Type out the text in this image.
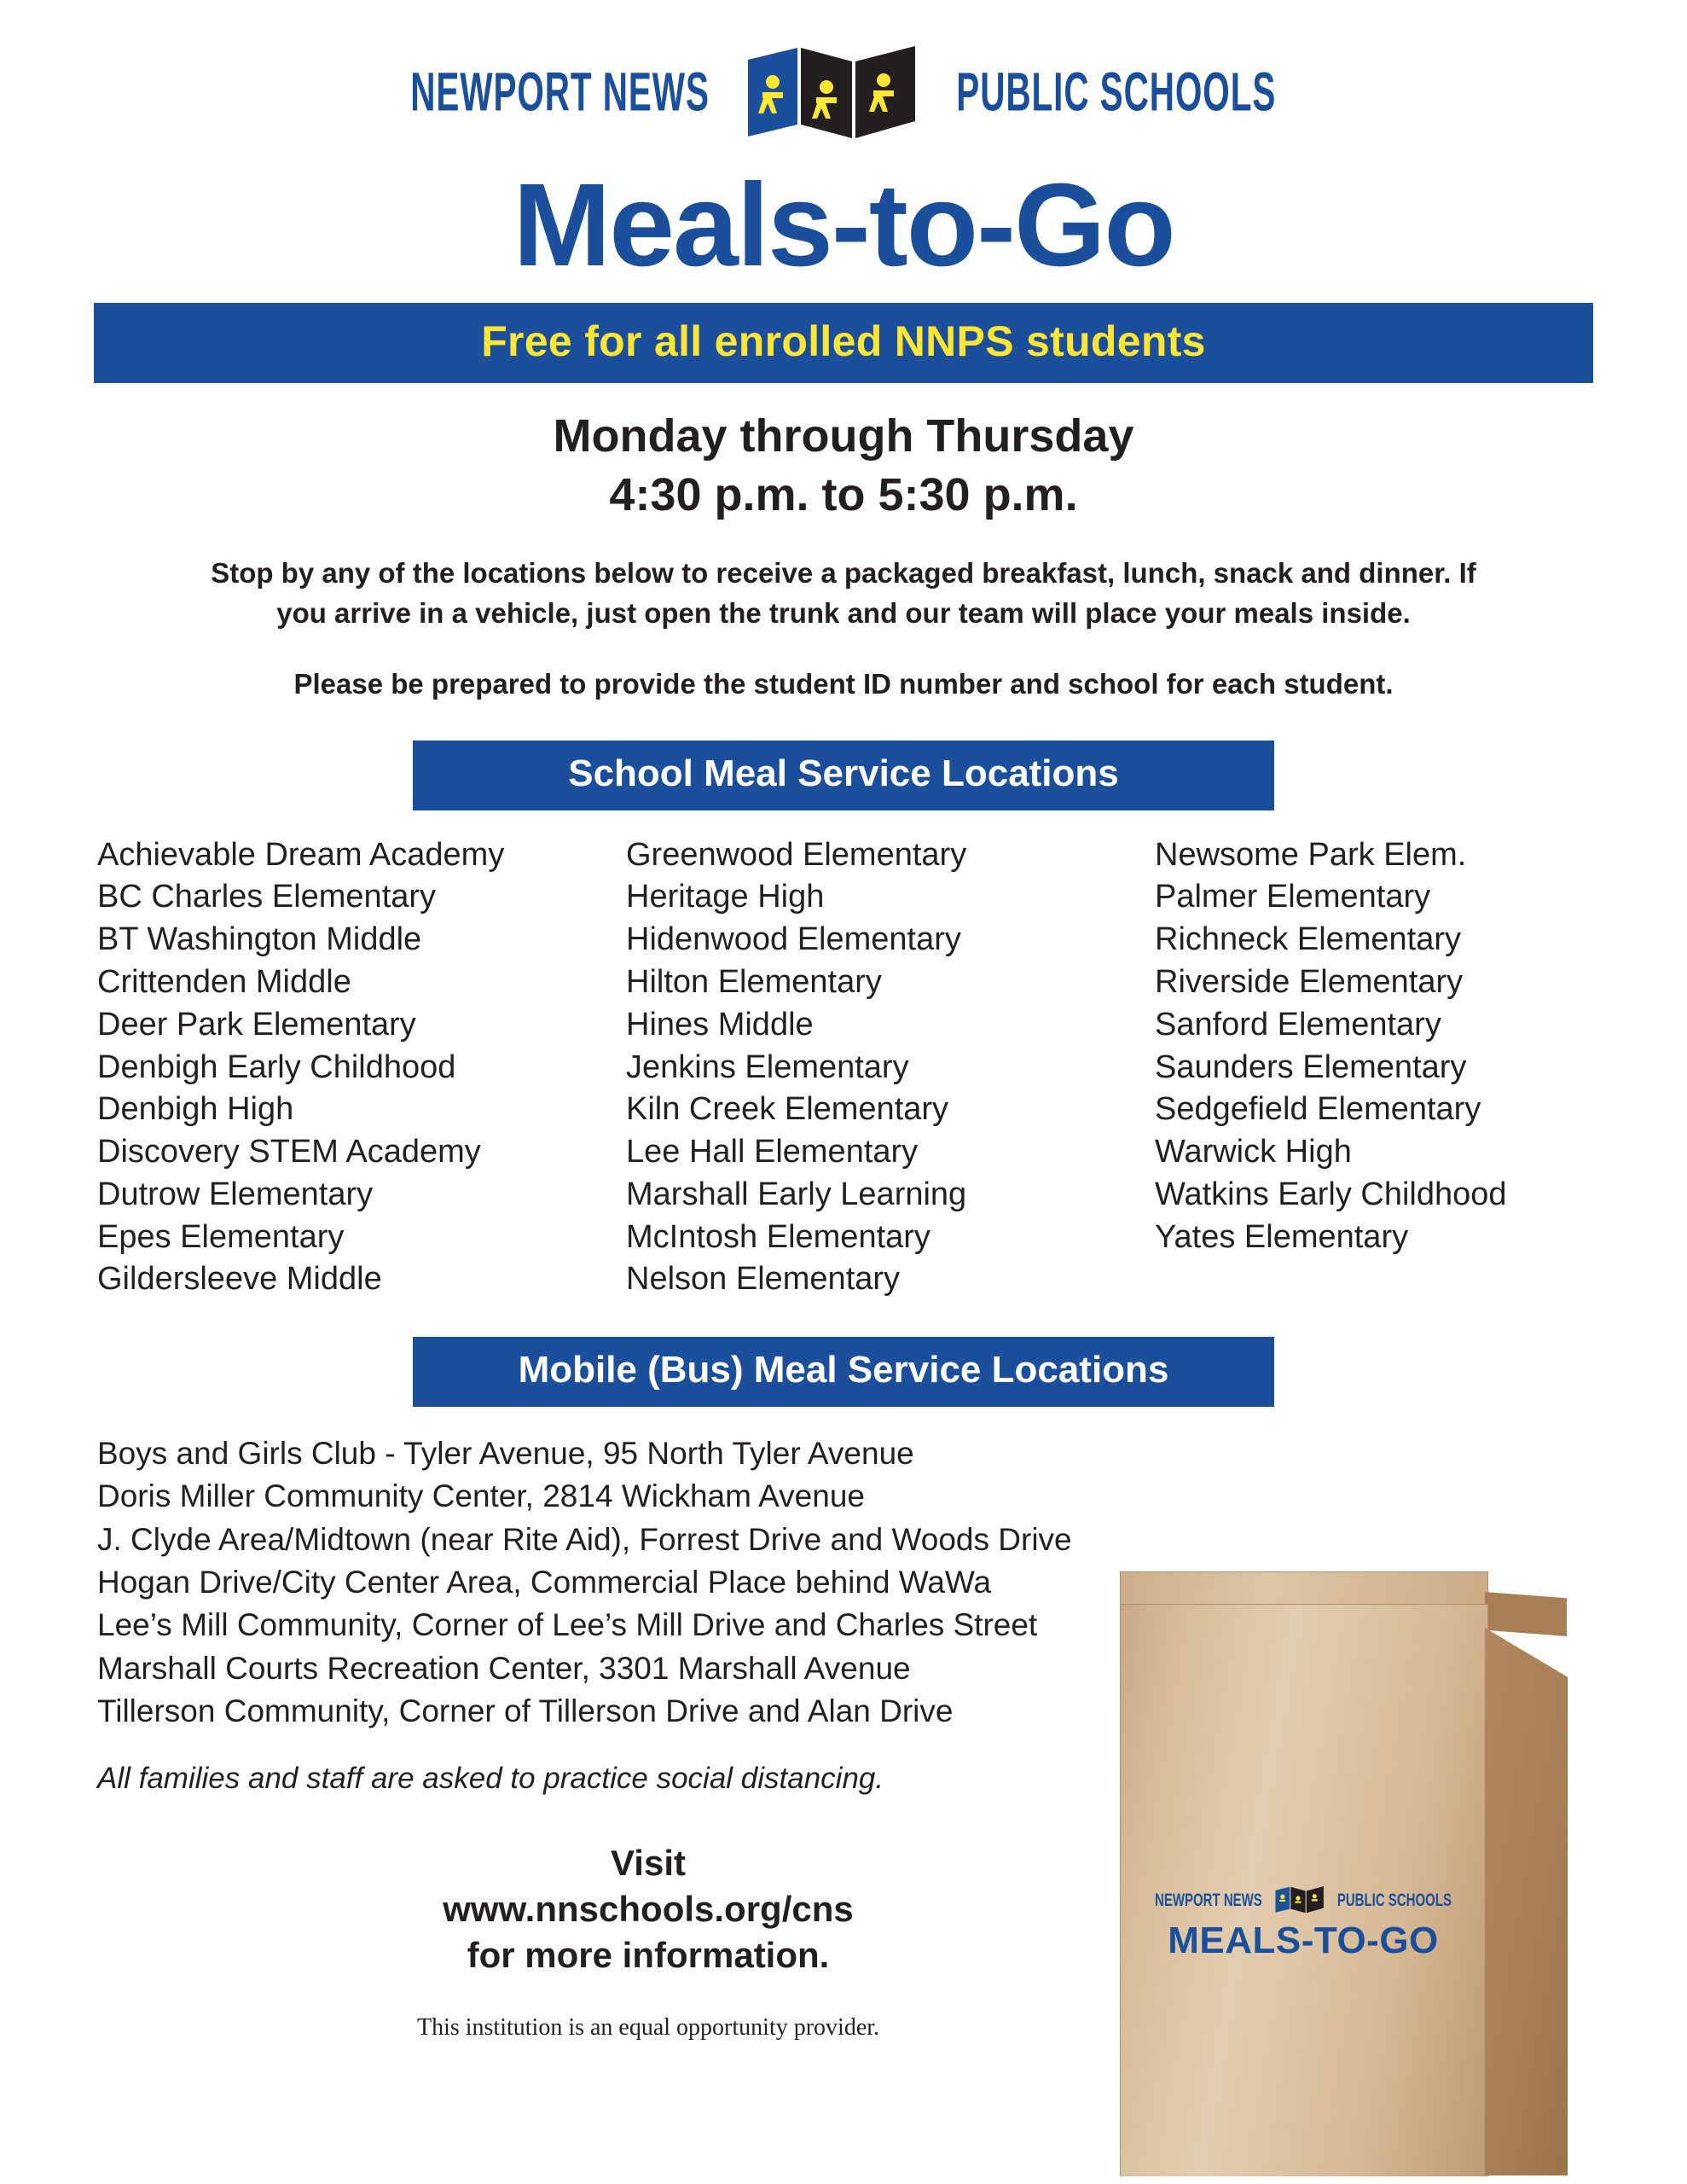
NEWPORT NEWS	PUBLIC SCHOOLS
Meals-to-Go
Free for all enrolled NNPS students
Monday through Thursday
4:30 p.m. to 5:30 p.m.
Stop by any of the locations below to receive a packaged breakfast, lunch, snack and dinner. If you arrive in a vehicle, just open the trunk and our team will place your meals inside.
Please be prepared to provide the student ID number and school for each student.
School Meal Service Locations
Achievable Dream Academy
BC Charles Elementary
BT Washington Middle
Crittenden Middle
Deer Park Elementary
Denbigh Early Childhood
Denbigh High
Discovery STEM Academy
Dutrow Elementary
Epes Elementary
Gildersleeve Middle
Greenwood Elementary
Heritage High
Hidenwood Elementary
Hilton Elementary
Hines Middle
Jenkins Elementary
Kiln Creek Elementary
Lee Hall Elementary
Marshall Early Learning
McIntosh Elementary
Nelson Elementary
Newsome Park Elem.
Palmer Elementary
Richneck Elementary
Riverside Elementary
Sanford Elementary
Saunders Elementary
Sedgefield Elementary
Warwick High
Watkins Early Childhood
Yates Elementary
Mobile (Bus) Meal Service Locations
Boys and Girls Club - Tyler Avenue, 95 North Tyler Avenue
Doris Miller Community Center, 2814 Wickham Avenue
J. Clyde Area/Midtown (near Rite Aid), Forrest Drive and Woods Drive
Hogan Drive/City Center Area, Commercial Place behind WaWa
Lee’s Mill Community, Corner of Lee’s Mill Drive and Charles Street
Marshall Courts Recreation Center, 3301 Marshall Avenue
Tillerson Community, Corner of Tillerson Drive and Alan Drive
All families and staff are asked to practice social distancing.
Visit
www.nnschools.org/cns
for more information.
This institution is an equal opportunity provider.
NEWPORT NEWS	PUBLIC SCHOOLS
MEALS-TO-GO
